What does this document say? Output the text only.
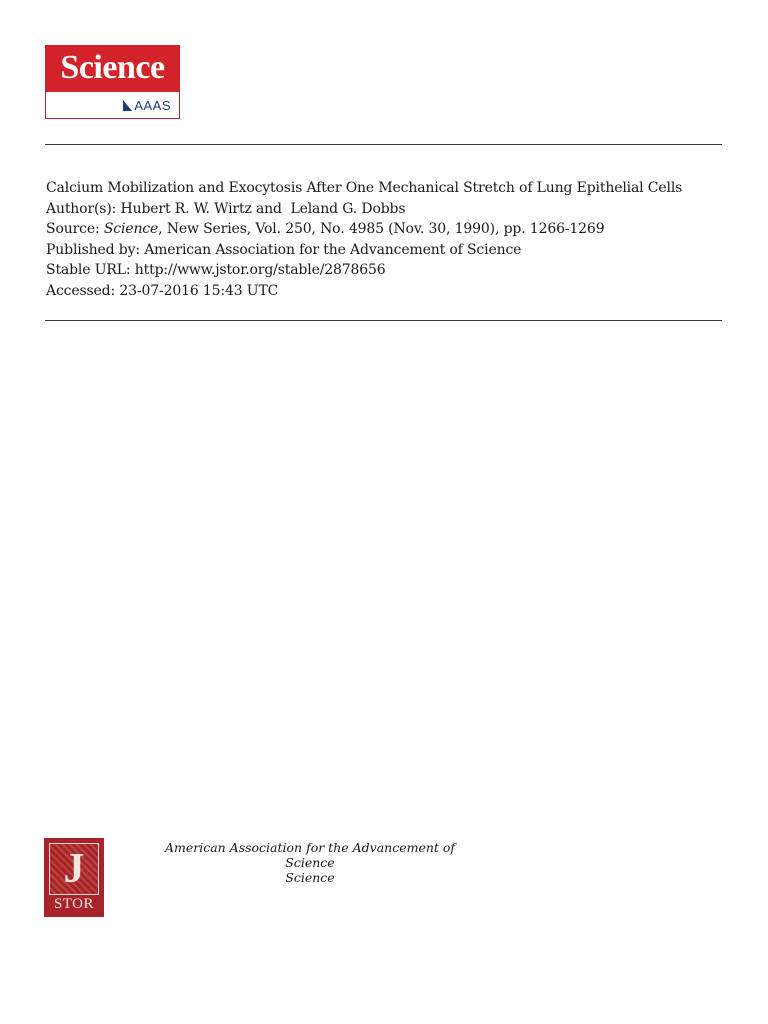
Science
AAAS
Calcium Mobilization and Exocytosis After One Mechanical Stretch of Lung Epithelial Cells
Author(s): Hubert R. W. Wirtz and  Leland G. Dobbs
Source: Science, New Series, Vol. 250, No. 4985 (Nov. 30, 1990), pp. 1266-1269
Published by: American Association for the Advancement of Science
Stable URL: http://www.jstor.org/stable/2878656
Accessed: 23-07-2016 15:43 UTC
J
STOR
American Association for the Advancement of Science
Science
